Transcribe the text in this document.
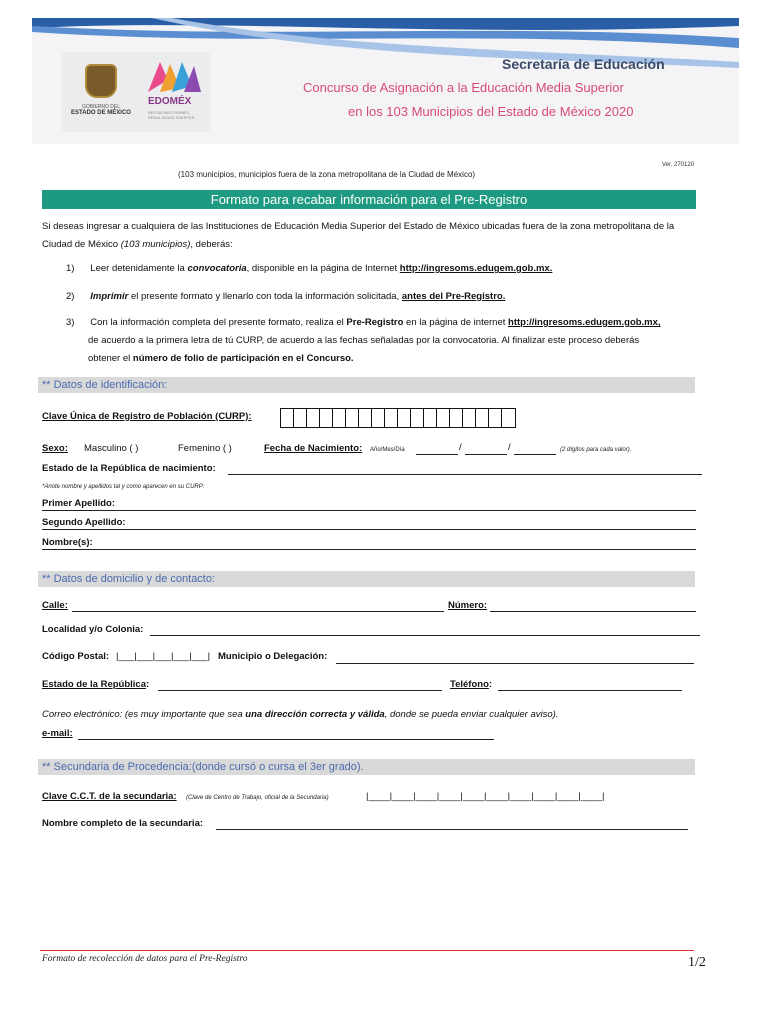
GOBIERNO DEL
ESTADO DE MÉXICO
EDOMÉX
DECISIONES FIRMES, RESULTADOS FUERTES.
Secretaría de Educación
Concurso de Asignación a la Educación Media Superior
en los 103 Municipios del Estado de México 2020
Ver. 270120
(103 municipios, municipios fuera de la zona metropolitana de la Ciudad de México)
Formato para recabar información para el Pre-Registro
Si deseas ingresar a cualquiera de las Instituciones de Educación Media Superior del Estado de México ubicadas fuera de la zona metropolitana de la
Ciudad de México (103 municipios), deberás:
1) Leer detenidamente la convocatoria, disponible en la página de Internet http://ingresoms.edugem.gob.mx.
2) Imprimir el presente formato y llenarlo con toda la información solicitada, antes del Pre-Registro.
3) Con la información completa del presente formato, realiza el Pre-Registro en la página de internet http://ingresoms.edugem.gob.mx,
de acuerdo a la primera letra de tú CURP, de acuerdo a las fechas señaladas por la convocatoria. Al finalizar este proceso deberás
obtener el número de folio de participación en el Concurso.
** Datos de identificación:
Clave Única de Registro de Población (CURP):
Sexo: Masculino ( )	Femenino ( )	Fecha de Nacimiento: Año/Mes/Día	/	/	(2 dígitos para cada valor).
Estado de la República de nacimiento:
*Anote nombre y apellidos tal y como aparecen en su CURP:
Primer Apellido:
Segundo Apellido:
Nombre(s):
** Datos de domicilio y de contacto:
Calle:	Número:
Localidad y/o Colonia:
Código Postal: |___|___|___|___|___| Municipio o Delegación:
Estado de la República:	Teléfono:
Correo electrónico: (es muy importante que sea una dirección correcta y válida, donde se pueda enviar cualquier aviso).
e-mail:
** Secundaria de Procedencia:(donde cursó o cursa el 3er grado).
Clave C.C.T. de la secundaria: (Clave de Centro de Trabajo, oficial de la Secundaria)	|____|____|____|____|____|____|____|____|____|____|
Nombre completo de la secundaria:
Formato de recolección de datos para el Pre-Registro	1/2
